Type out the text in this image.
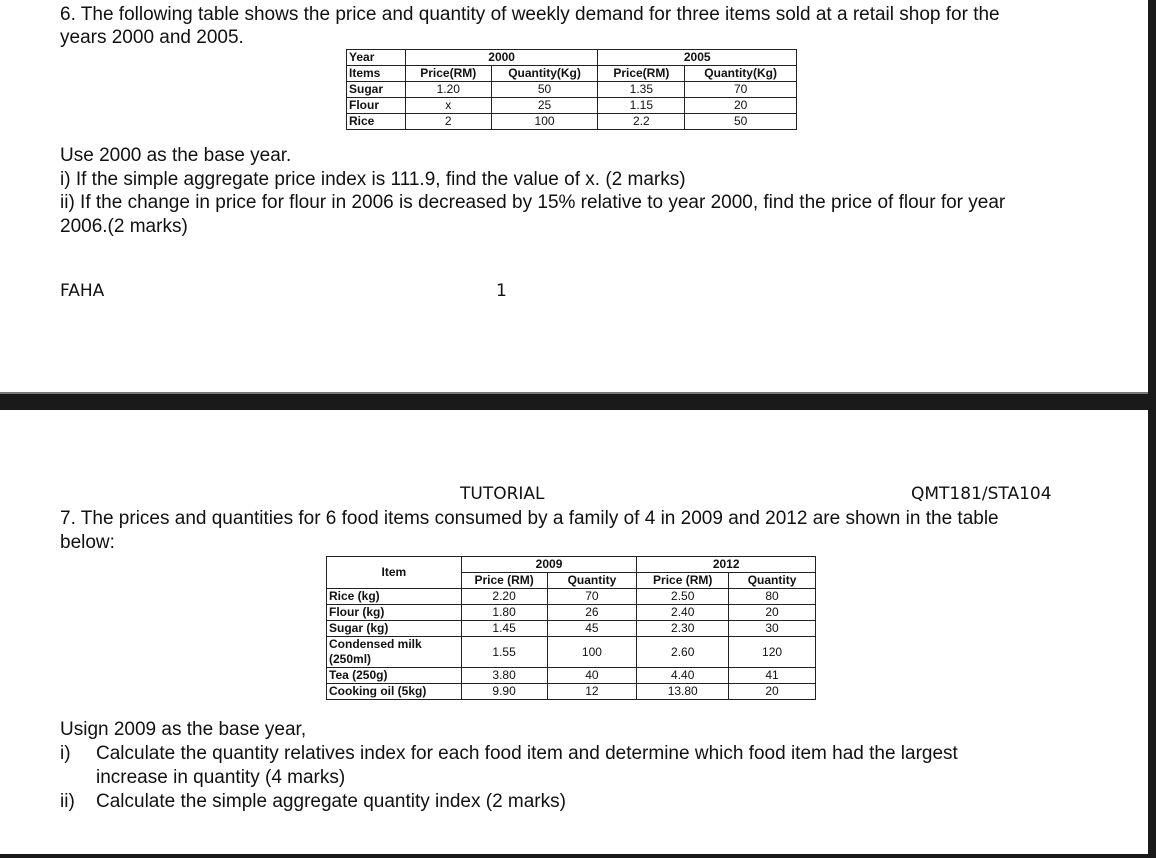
6. The following table shows the price and quantity of weekly demand for three items sold at a retail shop for the
years 2000 and 2005.
Year	2000		2005	
Items	Price(RM)	Quantity(Kg)	Price(RM)	Quantity(Kg)
Sugar	1.20	50	1.35	70
Flour	x	25	1.15	20
Rice	2	100	2.2	50
Use 2000 as the base year.
i) If the simple aggregate price index is 111.9, find the value of x. (2 marks)
ii) If the change in price for flour in 2006 is decreased by 15% relative to year 2000, find the price of flour for year
2006.(2 marks)
FAHA	1
TUTORIAL	QMT181/STA104
7. The prices and quantities for 6 food items consumed by a family of 4 in 2009 and 2012 are shown in the table
below:
Item	2009		2012	
	Price (RM)	Quantity	Price (RM)	Quantity
Rice (kg)	2.20	70	2.50	80
Flour (kg)	1.80	26	2.40	20
Sugar (kg)	1.45	45	2.30	30

Condensed milk
(250ml)	1.55	100	2.60	120
Tea (250g)	3.80	40	4.40	41
Cooking oil (5kg)	9.90	12	13.80	20
Usign 2009 as the base year,
i) Calculate the quantity relatives index for each food item and determine which food item had the largest
increase in quantity (4 marks)
ii) Calculate the simple aggregate quantity index (2 marks)
